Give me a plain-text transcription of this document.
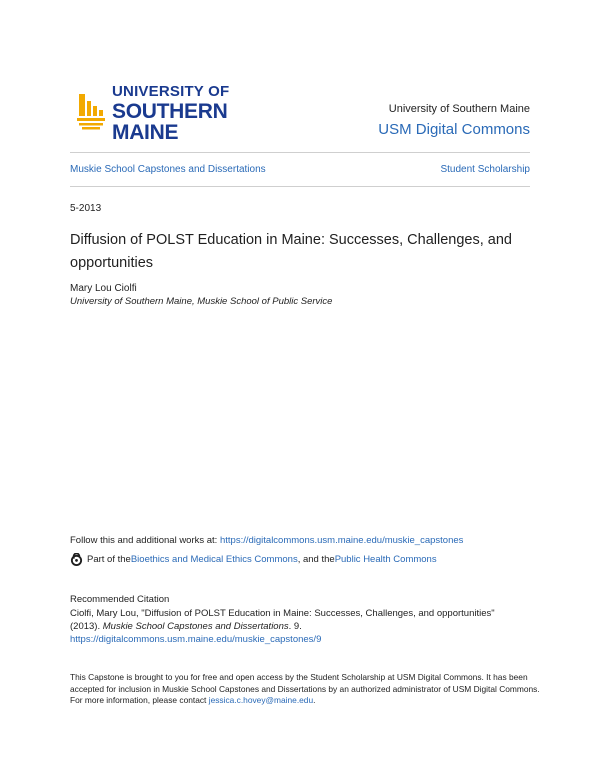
UNIVERSITY OF
SOUTHERN MAINE
University of Southern Maine
USM Digital Commons
Muskie School Capstones and Dissertations	Student Scholarship
5-2013
Diffusion of POLST Education in Maine: Successes, Challenges, and opportunities
Mary Lou Ciolfi
University of Southern Maine, Muskie School of Public Service
Follow this and additional works at: https://digitalcommons.usm.maine.edu/muskie_capstones
Part of the Bioethics and Medical Ethics Commons , and the Public Health Commons
Recommended Citation
Ciolfi, Mary Lou, "Diffusion of POLST Education in Maine: Successes, Challenges, and opportunities"
(2013). Muskie School Capstones and Dissertations. 9.
https://digitalcommons.usm.maine.edu/muskie_capstones/9
This Capstone is brought to you for free and open access by the Student Scholarship at USM Digital Commons. It has been accepted for inclusion in Muskie School Capstones and Dissertations by an authorized administrator of USM Digital Commons. For more information, please contact jessica.c.hovey@maine.edu.
